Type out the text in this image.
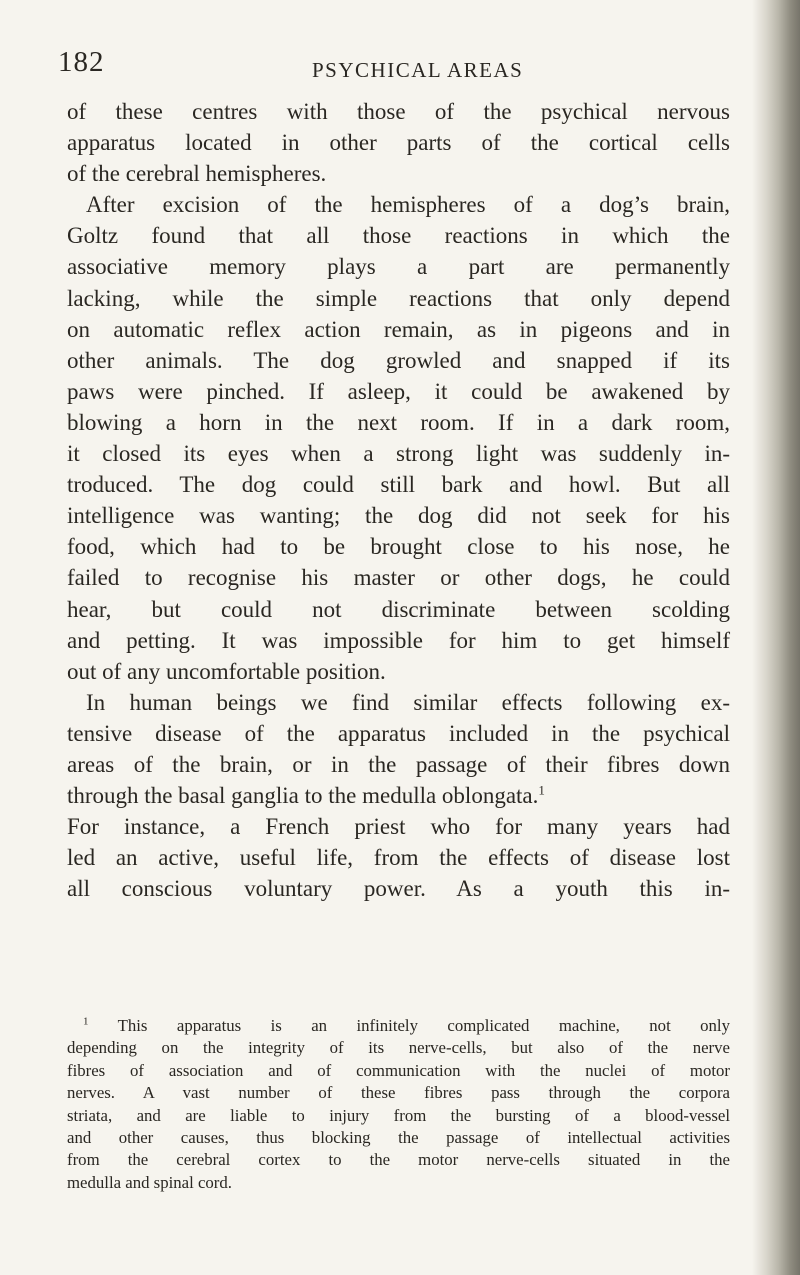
182	PSYCHICAL AREAS
of these centres with those of the psychical nervous
apparatus located in other parts of the cortical cells
of the cerebral hemispheres.
After excision of the hemispheres of a dog’s brain,
Goltz found that all those reactions in which the
associative memory plays a part are permanently
lacking, while the simple reactions that only depend
on automatic reflex action remain, as in pigeons and in
other animals. The dog growled and snapped if its
paws were pinched. If asleep, it could be awakened by
blowing a horn in the next room. If in a dark room,
it closed its eyes when a strong light was suddenly in-
troduced. The dog could still bark and howl. But all
intelligence was wanting; the dog did not seek for his
food, which had to be brought close to his nose, he
failed to recognise his master or other dogs, he could
hear, but could not discriminate between scolding
and petting. It was impossible for him to get himself
out of any uncomfortable position.
In human beings we find similar effects following ex-
tensive disease of the apparatus included in the psychical
areas of the brain, or in the passage of their fibres down
through the basal ganglia to the medulla oblongata.$^1$
For instance, a French priest who for many years had
led an active, useful life, from the effects of disease lost
all conscious voluntary power. As a youth this in-
$^1$ This apparatus is an infinitely complicated machine, not only
depending on the integrity of its nerve-cells, but also of the nerve
fibres of association and of communication with the nuclei of motor
nerves. A vast number of these fibres pass through the corpora
striata, and are liable to injury from the bursting of a blood-vessel
and other causes, thus blocking the passage of intellectual activities
from the cerebral cortex to the motor nerve-cells situated in the
medulla and spinal cord.
